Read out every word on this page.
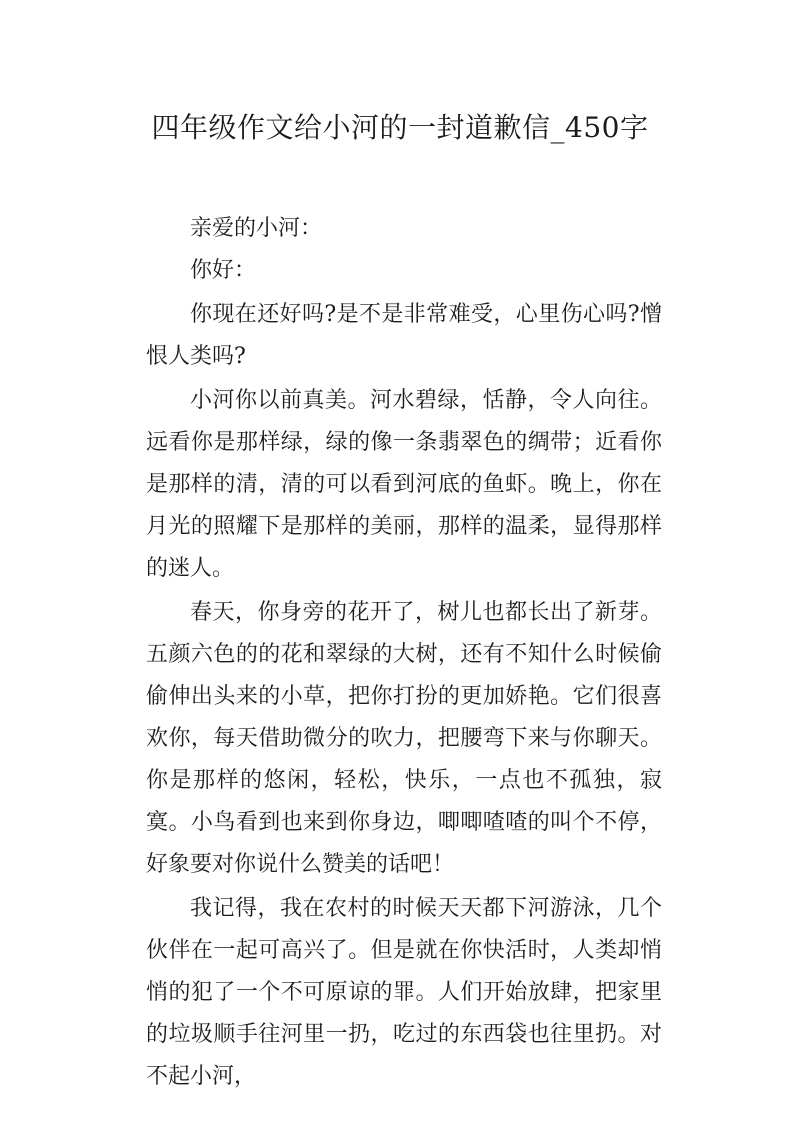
四年级作文给小河的一封道歉信_450字

亲爱的小河：

你好：

你现在还好吗?是不是非常难受，心里伤心吗?憎恨人类吗?

小河你以前真美。河水碧绿，恬静，令人向往。远看你是那样绿，绿的像一条翡翠色的绸带；近看你是那样的清，清的可以看到河底的鱼虾。晚上，你在月光的照耀下是那样的美丽，那样的温柔，显得那样的迷人。

春天，你身旁的花开了，树儿也都长出了新芽。五颜六色的的花和翠绿的大树，还有不知什么时候偷偷伸出头来的小草，把你打扮的更加娇艳。它们很喜欢你，每天借助微分的吹力，把腰弯下来与你聊天。你是那样的悠闲，轻松，快乐，一点也不孤独，寂寞。小鸟看到也来到你身边，唧唧喳喳的叫个不停，好象要对你说什么赞美的话吧！

我记得，我在农村的时候天天都下河游泳，几个伙伴在一起可高兴了。但是就在你快活时，人类却悄悄的犯了一个不可原谅的罪。人们开始放肆，把家里的垃圾顺手往河里一扔，吃过的东西袋也往里扔。对不起小河，
